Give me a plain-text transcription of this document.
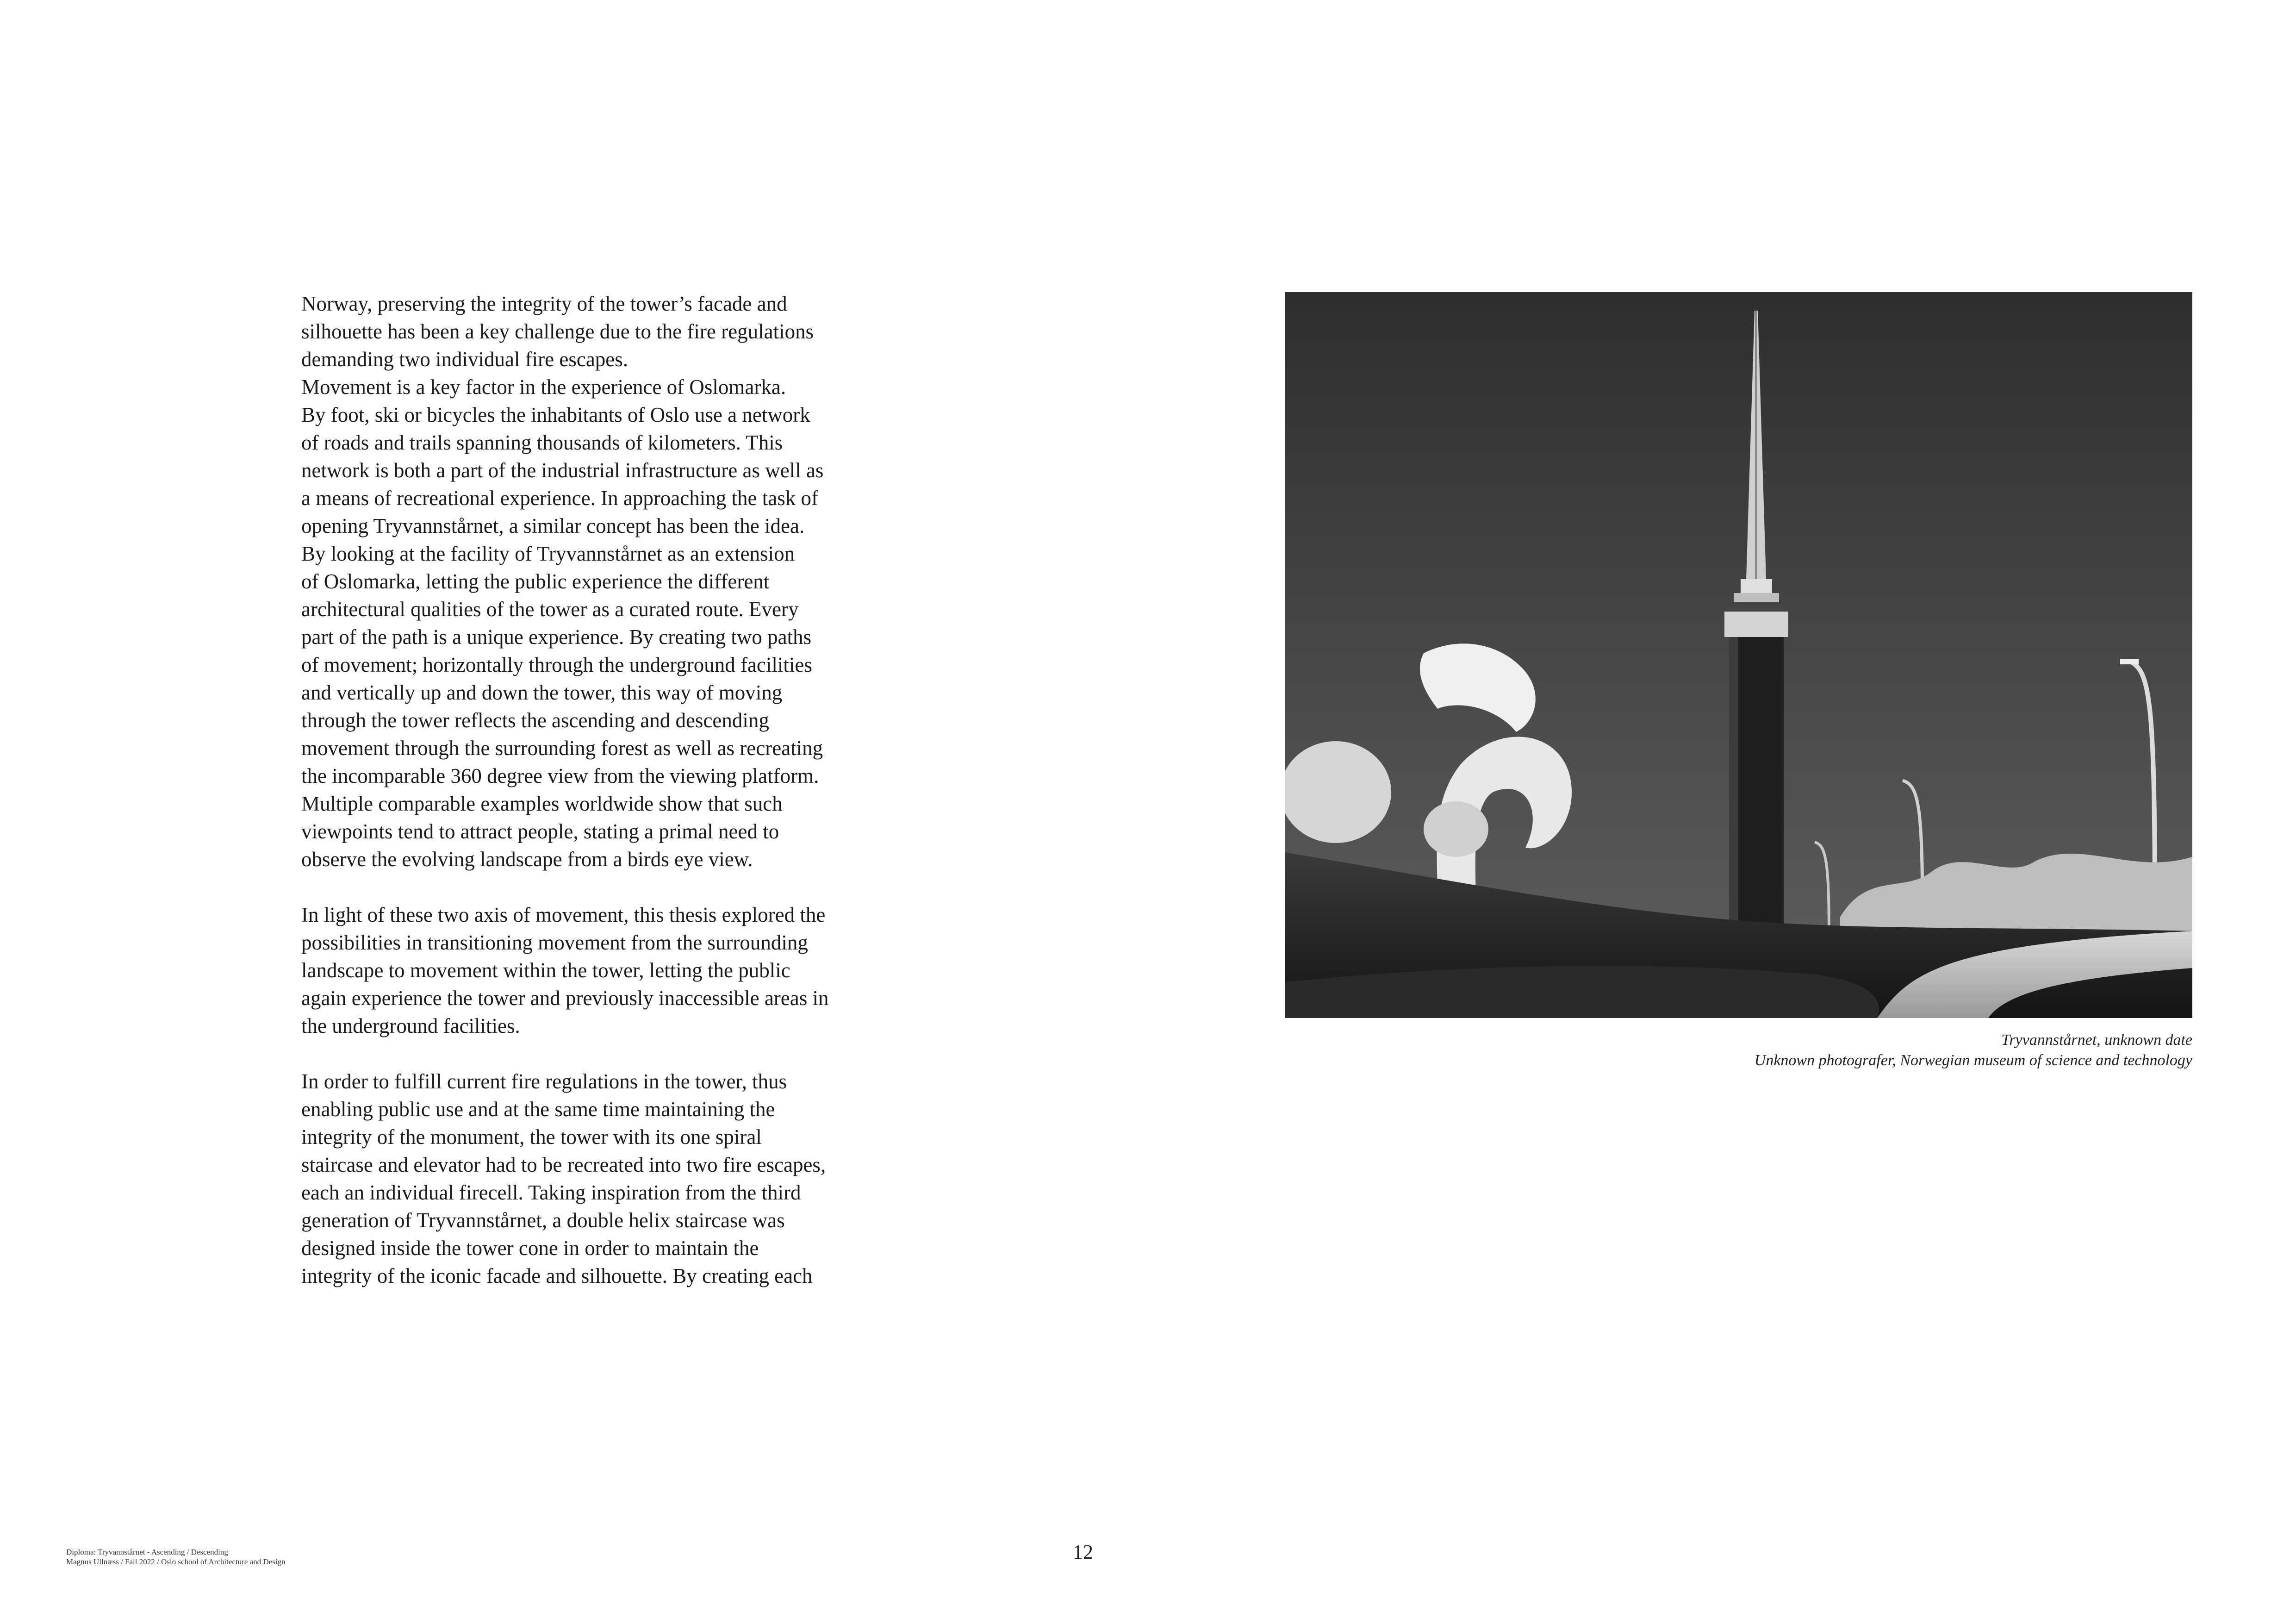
Norway, preserving the integrity of the tower’s facade and
silhouette has been a key challenge due to the fire regulations
demanding two individual fire escapes.
Movement is a key factor in the experience of Oslomarka.
By foot, ski or bicycles the inhabitants of Oslo use a network
of roads and trails spanning thousands of kilometers. This
network is both a part of the industrial infrastructure as well as
a means of recreational experience. In approaching the task of
opening Tryvannstårnet, a similar concept has been the idea.
By looking at the facility of Tryvannstårnet as an extension
of Oslomarka, letting the public experience the different
architectural qualities of the tower as a curated route. Every
part of the path is a unique experience. By creating two paths
of movement; horizontally through the underground facilities
and vertically up and down the tower, this way of moving
through the tower reflects the ascending and descending
movement through the surrounding forest as well as recreating
the incomparable 360 degree view from the viewing platform.
Multiple comparable examples worldwide show that such
viewpoints tend to attract people, stating a primal need to
observe the evolving landscape from a birds eye view.

In light of these two axis of movement, this thesis explored the
possibilities in transitioning movement from the surrounding
landscape to movement within the tower, letting the public
again experience the tower and previously inaccessible areas in
the underground facilities.

In order to fulfill current fire regulations in the tower, thus
enabling public use and at the same time maintaining the
integrity of the monument, the tower with its one spiral
staircase and elevator had to be recreated into two fire escapes,
each an individual firecell. Taking inspiration from the third
generation of Tryvannstårnet, a double helix staircase was
designed inside the tower cone in order to maintain the
integrity of the iconic facade and silhouette. By creating each

Tryvannstårnet, unknown date
Unknown photografer, Norwegian museum of science and technology
Diploma: Tryvannstårnet - Ascending / Descending
Magnus Ullnæss / Fall 2022 / Oslo school of Architecture and Design	12
